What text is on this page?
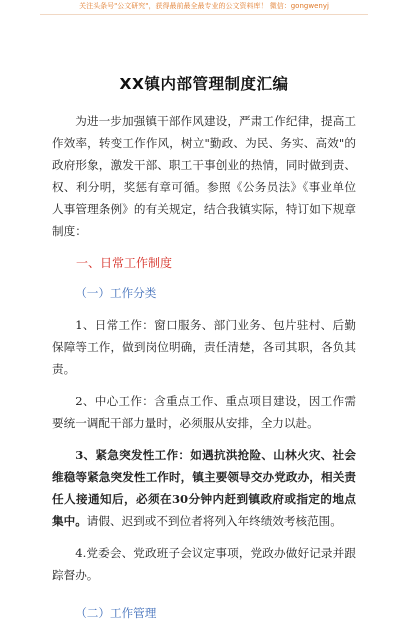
关注头条号"公文研究"，获得最前最全最专业的公文资料库！ 微信：gongwenyj
XX镇内部管理制度汇编

为进一步加强镇干部作风建设，严肃工作纪律，提高工作效率，转变工作作风，树立"勤政、为民、务实、高效"的政府形象，激发干部、职工干事创业的热情，同时做到责、权、利分明，奖惩有章可循。参照《公务员法》《事业单位人事管理条例》的有关规定，结合我镇实际，特订如下规章制度：

一、日常工作制度
（一）工作分类

1、日常工作：窗口服务、部门业务、包片驻村、后勤保障等工作，做到岗位明确，责任清楚，各司其职，各负其责。

2、中心工作：含重点工作、重点项目建设，因工作需要统一调配干部力量时，必须服从安排，全力以赴。

3、紧急突发性工作：如遇抗洪抢险、山林火灾、社会维稳等紧急突发性工作时，镇主要领导交办党政办，相关责任人接通知后，必须在30分钟内赶到镇政府或指定的地点集中。请假、迟到或不到位者将列入年终绩效考核范围。

4.党委会、党政班子会议定事项，党政办做好记录并跟踪督办。

（二）工作管理
